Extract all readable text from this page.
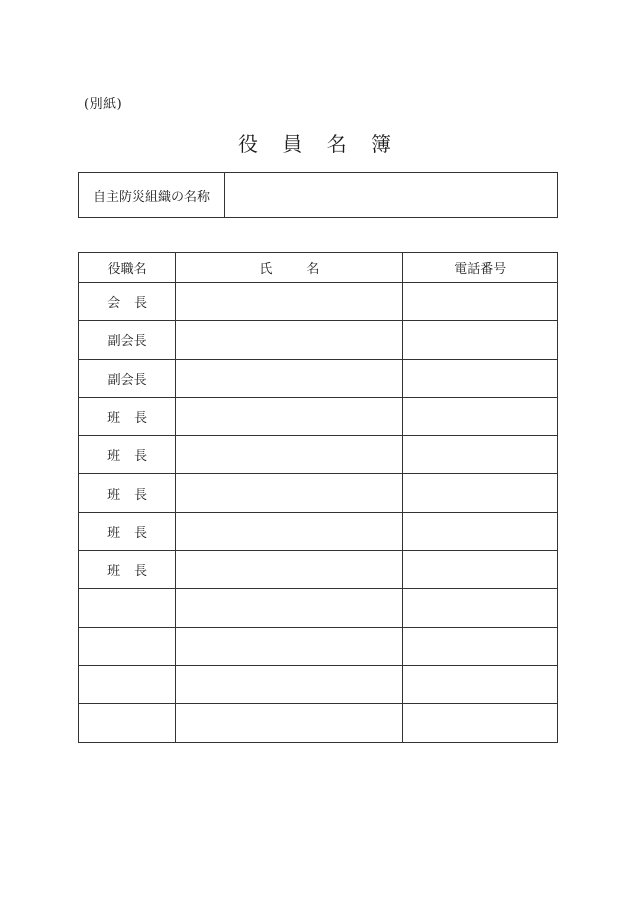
(別紙)
役 員 名 簿
自主防災組織の名称
役職名	氏 名	電話番号
会 長		
副会長		
副会長		
班 長		
班 長		
班 長		
班 長		
班 長		
